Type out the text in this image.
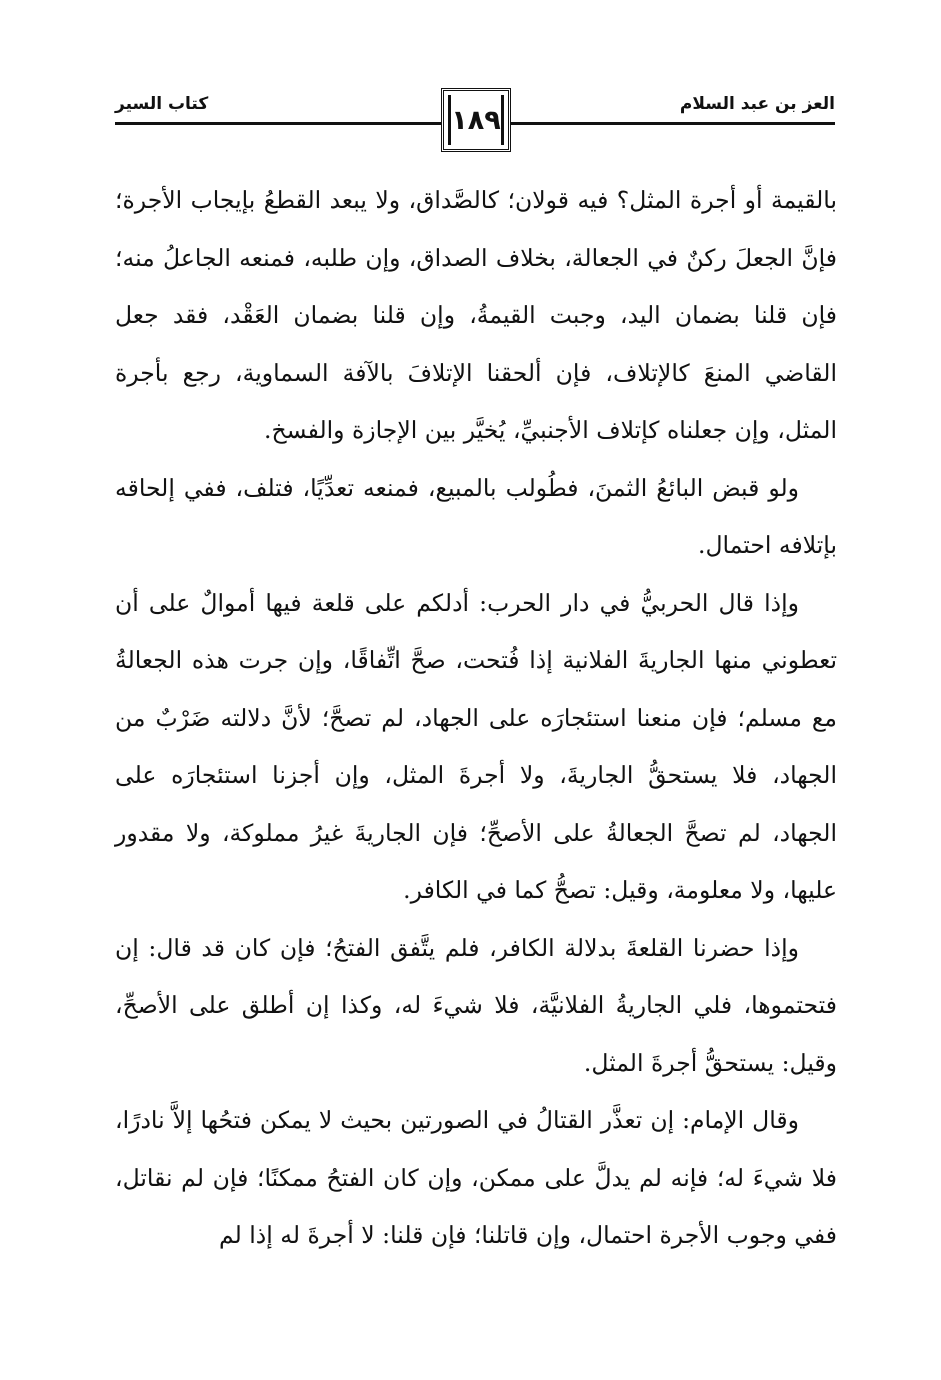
العز بن عبد السلام
كتاب السير
١٨٩

بالقيمة أو أجرة المثل؟ فيه قولان؛ كالصَّداق، ولا يبعد القطعُ بإيجاب الأجرة؛ فإنَّ الجعلَ ركنٌ في الجعالة، بخلاف الصداق، وإن طلبه، فمنعه الجاعلُ منه؛ فإن قلنا بضمان اليد، وجبت القيمةُ، وإن قلنا بضمان العَقْد، فقد جعل القاضي المنعَ كالإتلاف، فإن ألحقنا الإتلافَ بالآفة السماوية، رجع بأجرة المثل، وإن جعلناه كإتلاف الأجنبيِّ، يُخيَّر بين الإجازة والفسخ.

ولو قبض البائعُ الثمنَ، فطُولب بالمبيع، فمنعه تعدِّيًا، فتلف، ففي إلحاقه بإتلافه احتمال.

وإذا قال الحربيُّ في دار الحرب: أدلكم على قلعة فيها أموالٌ على أن تعطوني منها الجاريةَ الفلانية إذا فُتحت، صحَّ اتِّفاقًا، وإن جرت هذه الجعالةُ مع مسلم؛ فإن منعنا استئجارَه على الجهاد، لم تصحَّ؛ لأنَّ دلالته ضَرْبٌ من الجهاد، فلا يستحقُّ الجاريةَ، ولا أجرةَ المثل، وإن أجزنا استئجارَه على الجهاد، لم تصحَّ الجعالةُ على الأصحِّ؛ فإن الجاريةَ غيرُ مملوكة، ولا مقدور عليها، ولا معلومة، وقيل: تصحُّ كما في الكافر.

وإذا حضرنا القلعةَ بدلالة الكافر، فلم يتَّفق الفتحُ؛ فإن كان قد قال: إن فتحتموها، فلي الجاريةُ الفلانيَّة، فلا شيءَ له، وكذا إن أطلق على الأصحِّ، وقيل: يستحقُّ أجرةَ المثل.

وقال الإمام: إن تعذَّر القتالُ في الصورتين بحيث لا يمكن فتحُها إلاَّ نادرًا، فلا شيءَ له؛ فإنه لم يدلَّ على ممكن، وإن كان الفتحُ ممكنًا؛ فإن لم نقاتل، ففي وجوب الأجرة احتمال، وإن قاتلنا؛ فإن قلنا: لا أجرةَ له إذا لم
